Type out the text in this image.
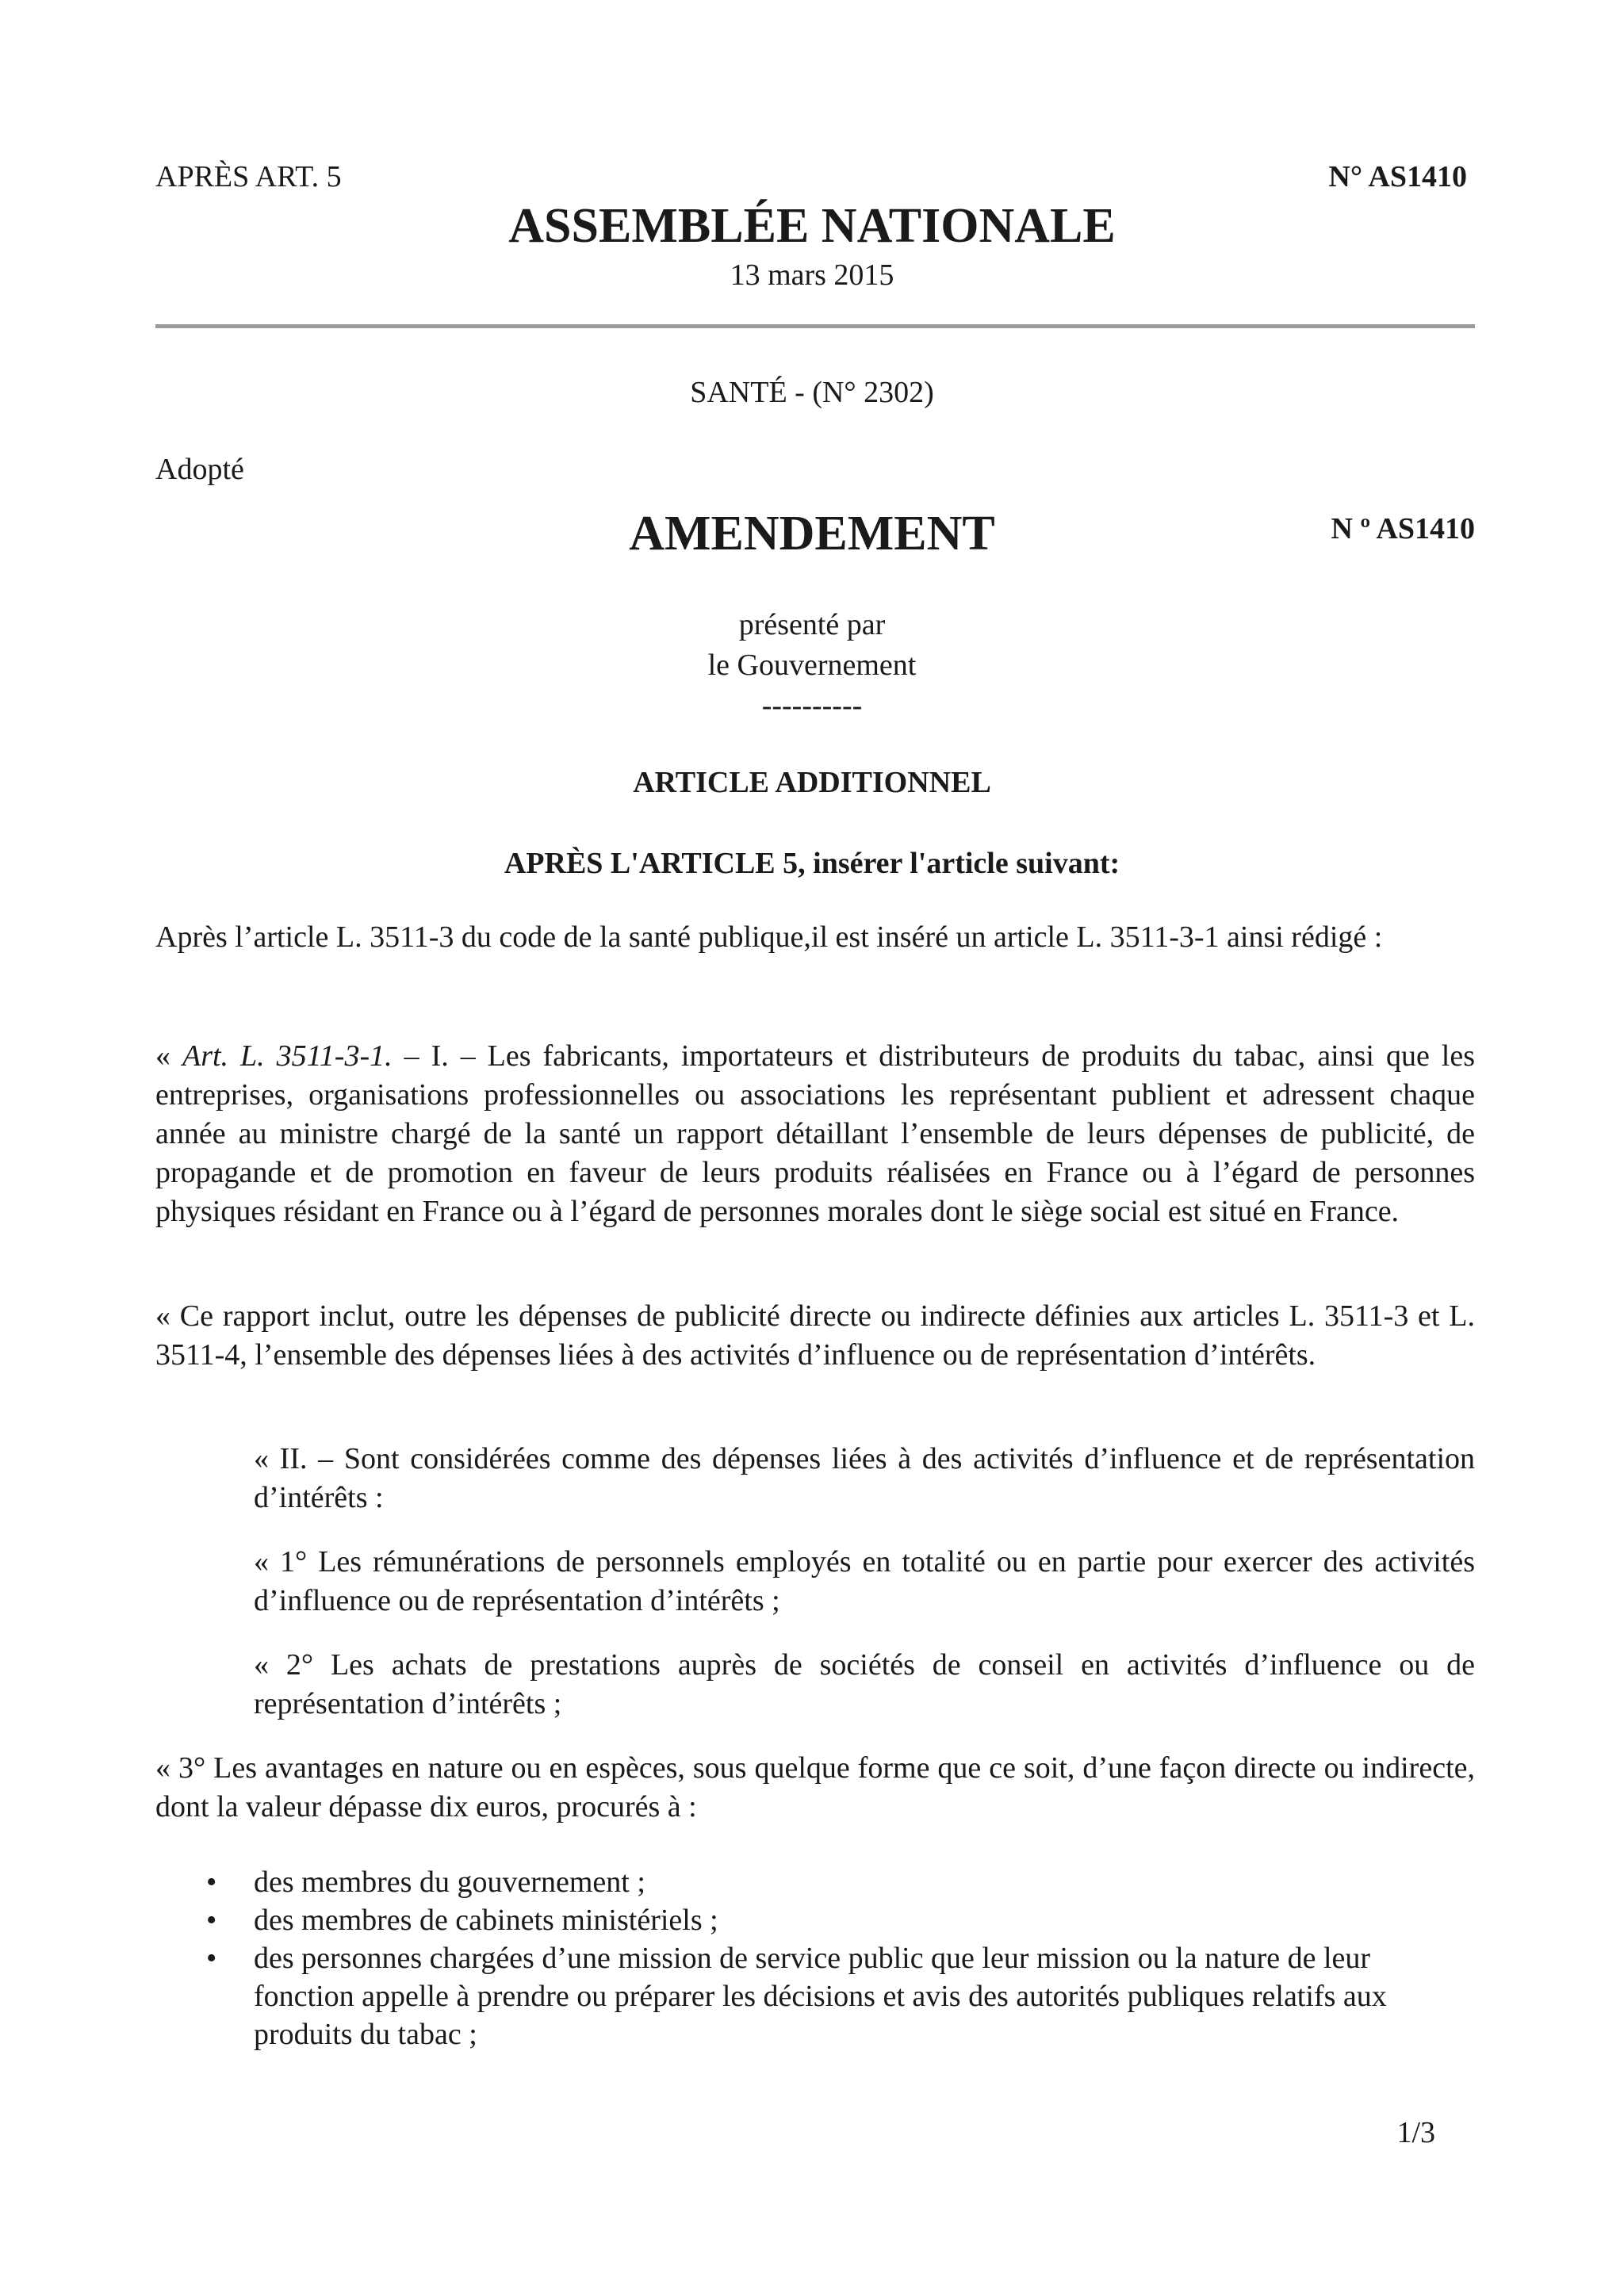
APRÈS ART. 5	N° AS1410

ASSEMBLÉE NATIONALE

13 mars 2015

SANTÉ - (N° 2302)

Adopté

AMENDEMENT	N º AS1410

présenté par

le Gouvernement

----------

ARTICLE ADDITIONNEL

APRÈS L'ARTICLE 5, insérer l'article suivant:

Après l’article L. 3511-3 du code de la santé publique,il est inséré un article L. 3511-3-1 ainsi rédigé :

« Art. L. 3511-3-1. – I. – Les fabricants, importateurs et distributeurs de produits du tabac, ainsi que les entreprises, organisations professionnelles ou associations les représentant publient et adressent chaque année au ministre chargé de la santé un rapport détaillant l’ensemble de leurs dépenses de publicité, de propagande et de promotion en faveur de leurs produits réalisées en France ou à l’égard de personnes physiques résidant en France ou à l’égard de personnes morales dont le siège social est situé en France.

« Ce rapport inclut, outre les dépenses de publicité directe ou indirecte définies aux articles L. 3511-3 et L. 3511-4, l’ensemble des dépenses liées à des activités d’influence ou de représentation d’intérêts.

« II. – Sont considérées comme des dépenses liées à des activités d’influence et de représentation d’intérêts :

« 1° Les rémunérations de personnels employés en totalité ou en partie pour exercer des activités d’influence ou de représentation d’intérêts ;

« 2° Les achats de prestations auprès de sociétés de conseil en activités d’influence ou de représentation d’intérêts ;

« 3° Les avantages en nature ou en espèces, sous quelque forme que ce soit, d’une façon directe ou indirecte, dont la valeur dépasse dix euros, procurés à :

• des membres du gouvernement ;
• des membres de cabinets ministériels ;
• des personnes chargées d’une mission de service public que leur mission ou la nature de leur fonction appelle à prendre ou préparer les décisions et avis des autorités publiques relatifs aux produits du tabac ;

1/3
